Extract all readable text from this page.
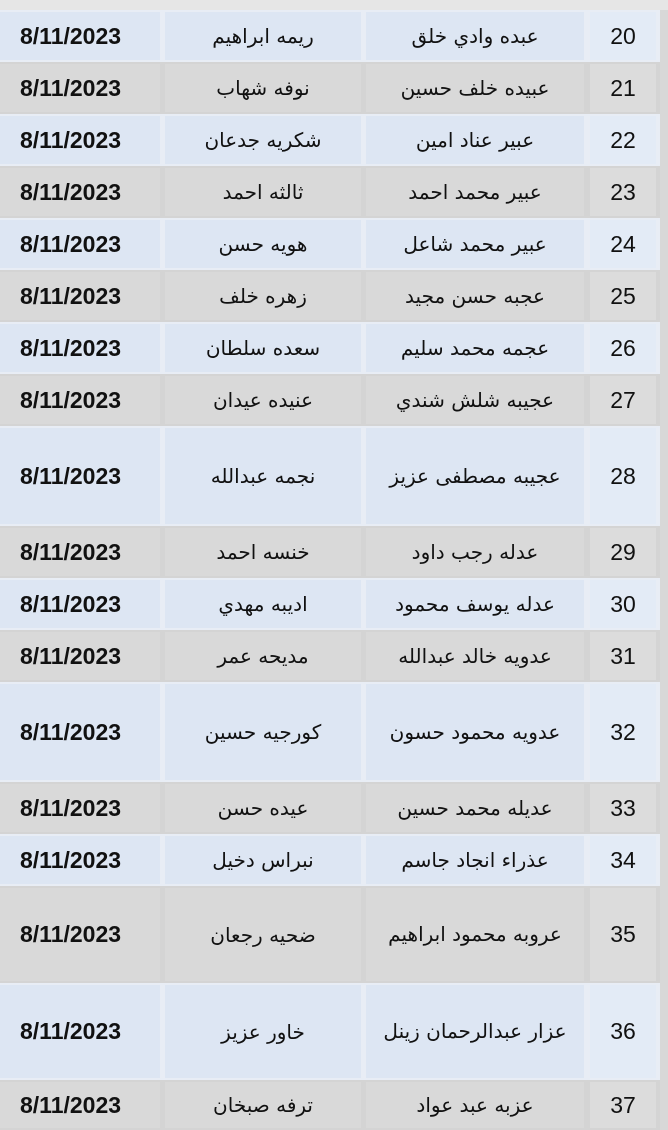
8/11/2023	ريمه ابراهيم	عبده وادي خلق	20
8/11/2023	نوفه شهاب	عبيده خلف حسين	21
8/11/2023	شكريه جدعان	عبير عناد امين	22
8/11/2023	ثالثه احمد	عبير محمد احمد	23
8/11/2023	هويه حسن	عبير محمد شاعل	24
8/11/2023	زهره خلف	عجبه حسن مجيد	25
8/11/2023	سعده سلطان	عجمه محمد سليم	26
8/11/2023	عنيده عيدان	عجيبه شلش شندي	27
8/11/2023	نجمه عبدالله	عجيبه مصطفى عزيز	28
8/11/2023	خنسه احمد	عدله رجب داود	29
8/11/2023	اديبه مهدي	عدله يوسف محمود	30
8/11/2023	مديحه عمر	عدويه خالد عبدالله	31
8/11/2023	كورجيه حسين	عدويه محمود حسون	32
8/11/2023	عيده حسن	عديله محمد حسين	33
8/11/2023	نبراس دخيل	عذراء انجاد جاسم	34
8/11/2023	ضحيه رجعان	عروبه محمود ابراهيم	35
8/11/2023	خاور عزيز	عزار عبدالرحمان زينل	36
8/11/2023	ترفه صبخان	عزبه عبد عواد	37
